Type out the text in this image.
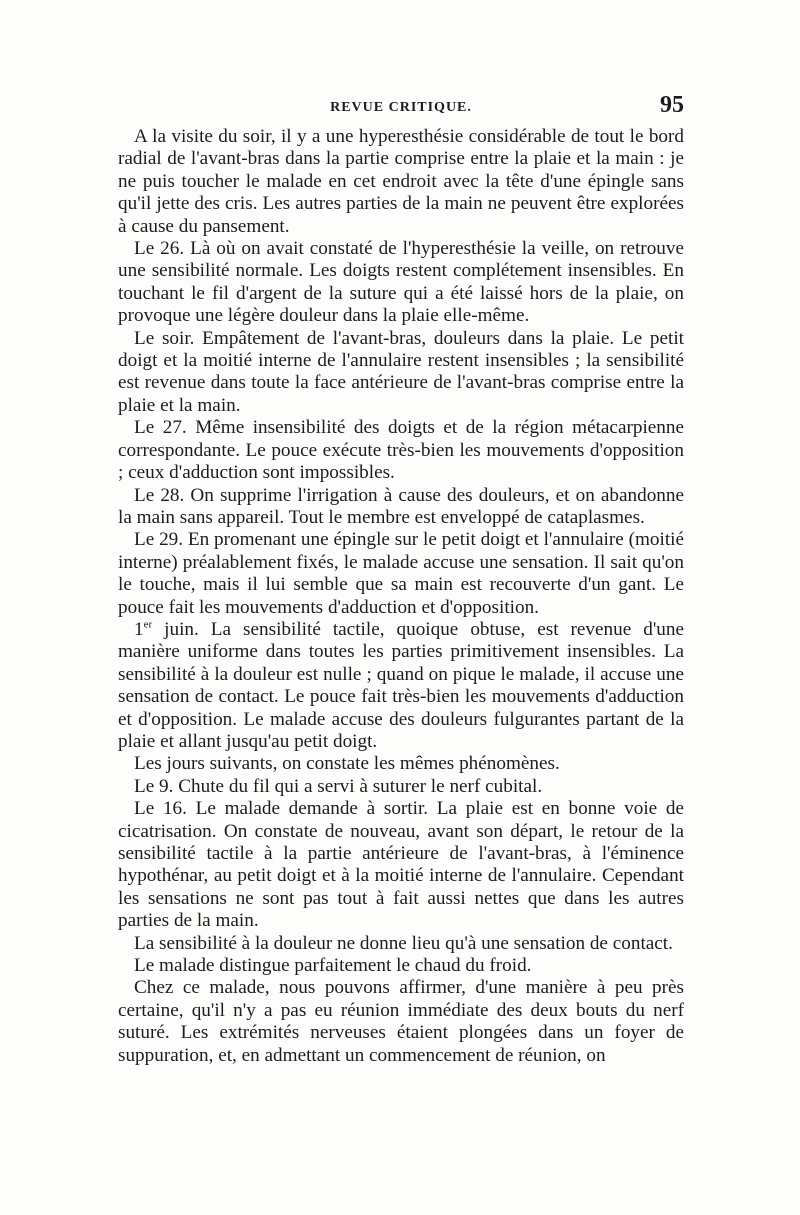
REVUE CRITIQUE.	95

A la visite du soir, il y a une hyperesthésie considérable de tout le bord radial de l'avant-bras dans la partie comprise entre la plaie et la main : je ne puis toucher le malade en cet endroit avec la tête d'une épingle sans qu'il jette des cris. Les autres parties de la main ne peuvent être explorées à cause du pansement.

Le 26. Là où on avait constaté de l'hyperesthésie la veille, on retrouve une sensibilité normale. Les doigts restent complétement insensibles. En touchant le fil d'argent de la suture qui a été laissé hors de la plaie, on provoque une légère douleur dans la plaie elle-même.

Le soir. Empâtement de l'avant-bras, douleurs dans la plaie. Le petit doigt et la moitié interne de l'annulaire restent insensibles ; la sensibilité est revenue dans toute la face antérieure de l'avant-bras comprise entre la plaie et la main.

Le 27. Même insensibilité des doigts et de la région métacarpienne correspondante. Le pouce exécute très-bien les mouvements d'opposition ; ceux d'adduction sont impossibles.

Le 28. On supprime l'irrigation à cause des douleurs, et on abandonne la main sans appareil. Tout le membre est enveloppé de cataplasmes.

Le 29. En promenant une épingle sur le petit doigt et l'annulaire (moitié interne) préalablement fixés, le malade accuse une sensation. Il sait qu'on le touche, mais il lui semble que sa main est recouverte d'un gant. Le pouce fait les mouvements d'adduction et d'opposition.

1er juin. La sensibilité tactile, quoique obtuse, est revenue d'une manière uniforme dans toutes les parties primitivement insensibles. La sensibilité à la douleur est nulle ; quand on pique le malade, il accuse une sensation de contact. Le pouce fait très-bien les mouvements d'adduction et d'opposition. Le malade accuse des douleurs fulgurantes partant de la plaie et allant jusqu'au petit doigt.

Les jours suivants, on constate les mêmes phénomènes.

Le 9. Chute du fil qui a servi à suturer le nerf cubital.

Le 16. Le malade demande à sortir. La plaie est en bonne voie de cicatrisation. On constate de nouveau, avant son départ, le retour de la sensibilité tactile à la partie antérieure de l'avant-bras, à l'éminence hypothénar, au petit doigt et à la moitié interne de l'annulaire. Cependant les sensations ne sont pas tout à fait aussi nettes que dans les autres parties de la main.

La sensibilité à la douleur ne donne lieu qu'à une sensation de contact.

Le malade distingue parfaitement le chaud du froid.

Chez ce malade, nous pouvons affirmer, d'une manière à peu près certaine, qu'il n'y a pas eu réunion immédiate des deux bouts du nerf suturé. Les extrémités nerveuses étaient plongées dans un foyer de suppuration, et, en admettant un commencement de réunion, on
